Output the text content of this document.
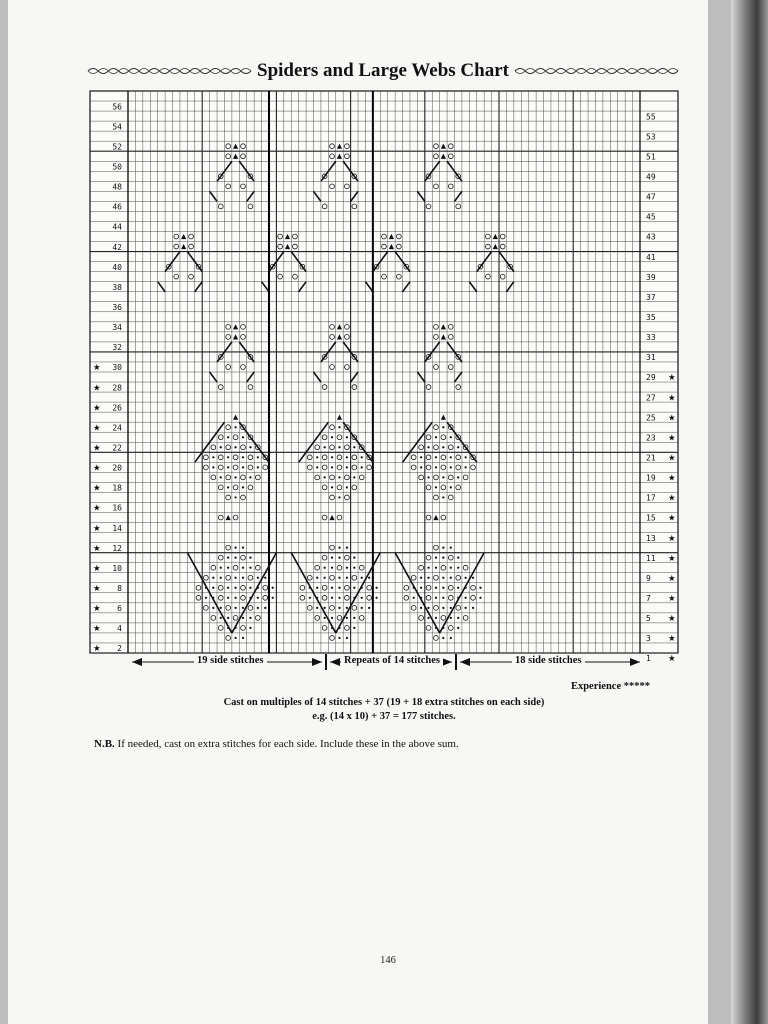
Spiders and Large Webs Chart
56
54
52
50
48
46
44
42
40
38
36
34
32
30
★
28
★
26
★
24
★
22
★
20
★
18
★
16
★
14
★
12
★
10
★
8
★
6
★
4
★
2
★
55
53
51
49
47
45
43
41
39
37
35
33
31
29 ★
27 ★
25 ★
23 ★
21 ★
19 ★
17 ★
15 ★
13 ★
11 ★
9 ★
7 ★
5 ★
3 ★
1 ★
19 side stitches	Repeats of 14 stitches	18 side stitches
Experience *****
Cast on multiples of 14 stitches + 37 (19 + 18 extra stitches on each side)
e.g. (14 x 10) + 37 = 177 stitches.
N.B. If needed, cast on extra stitches for each side. Include these in the above sum.
146
